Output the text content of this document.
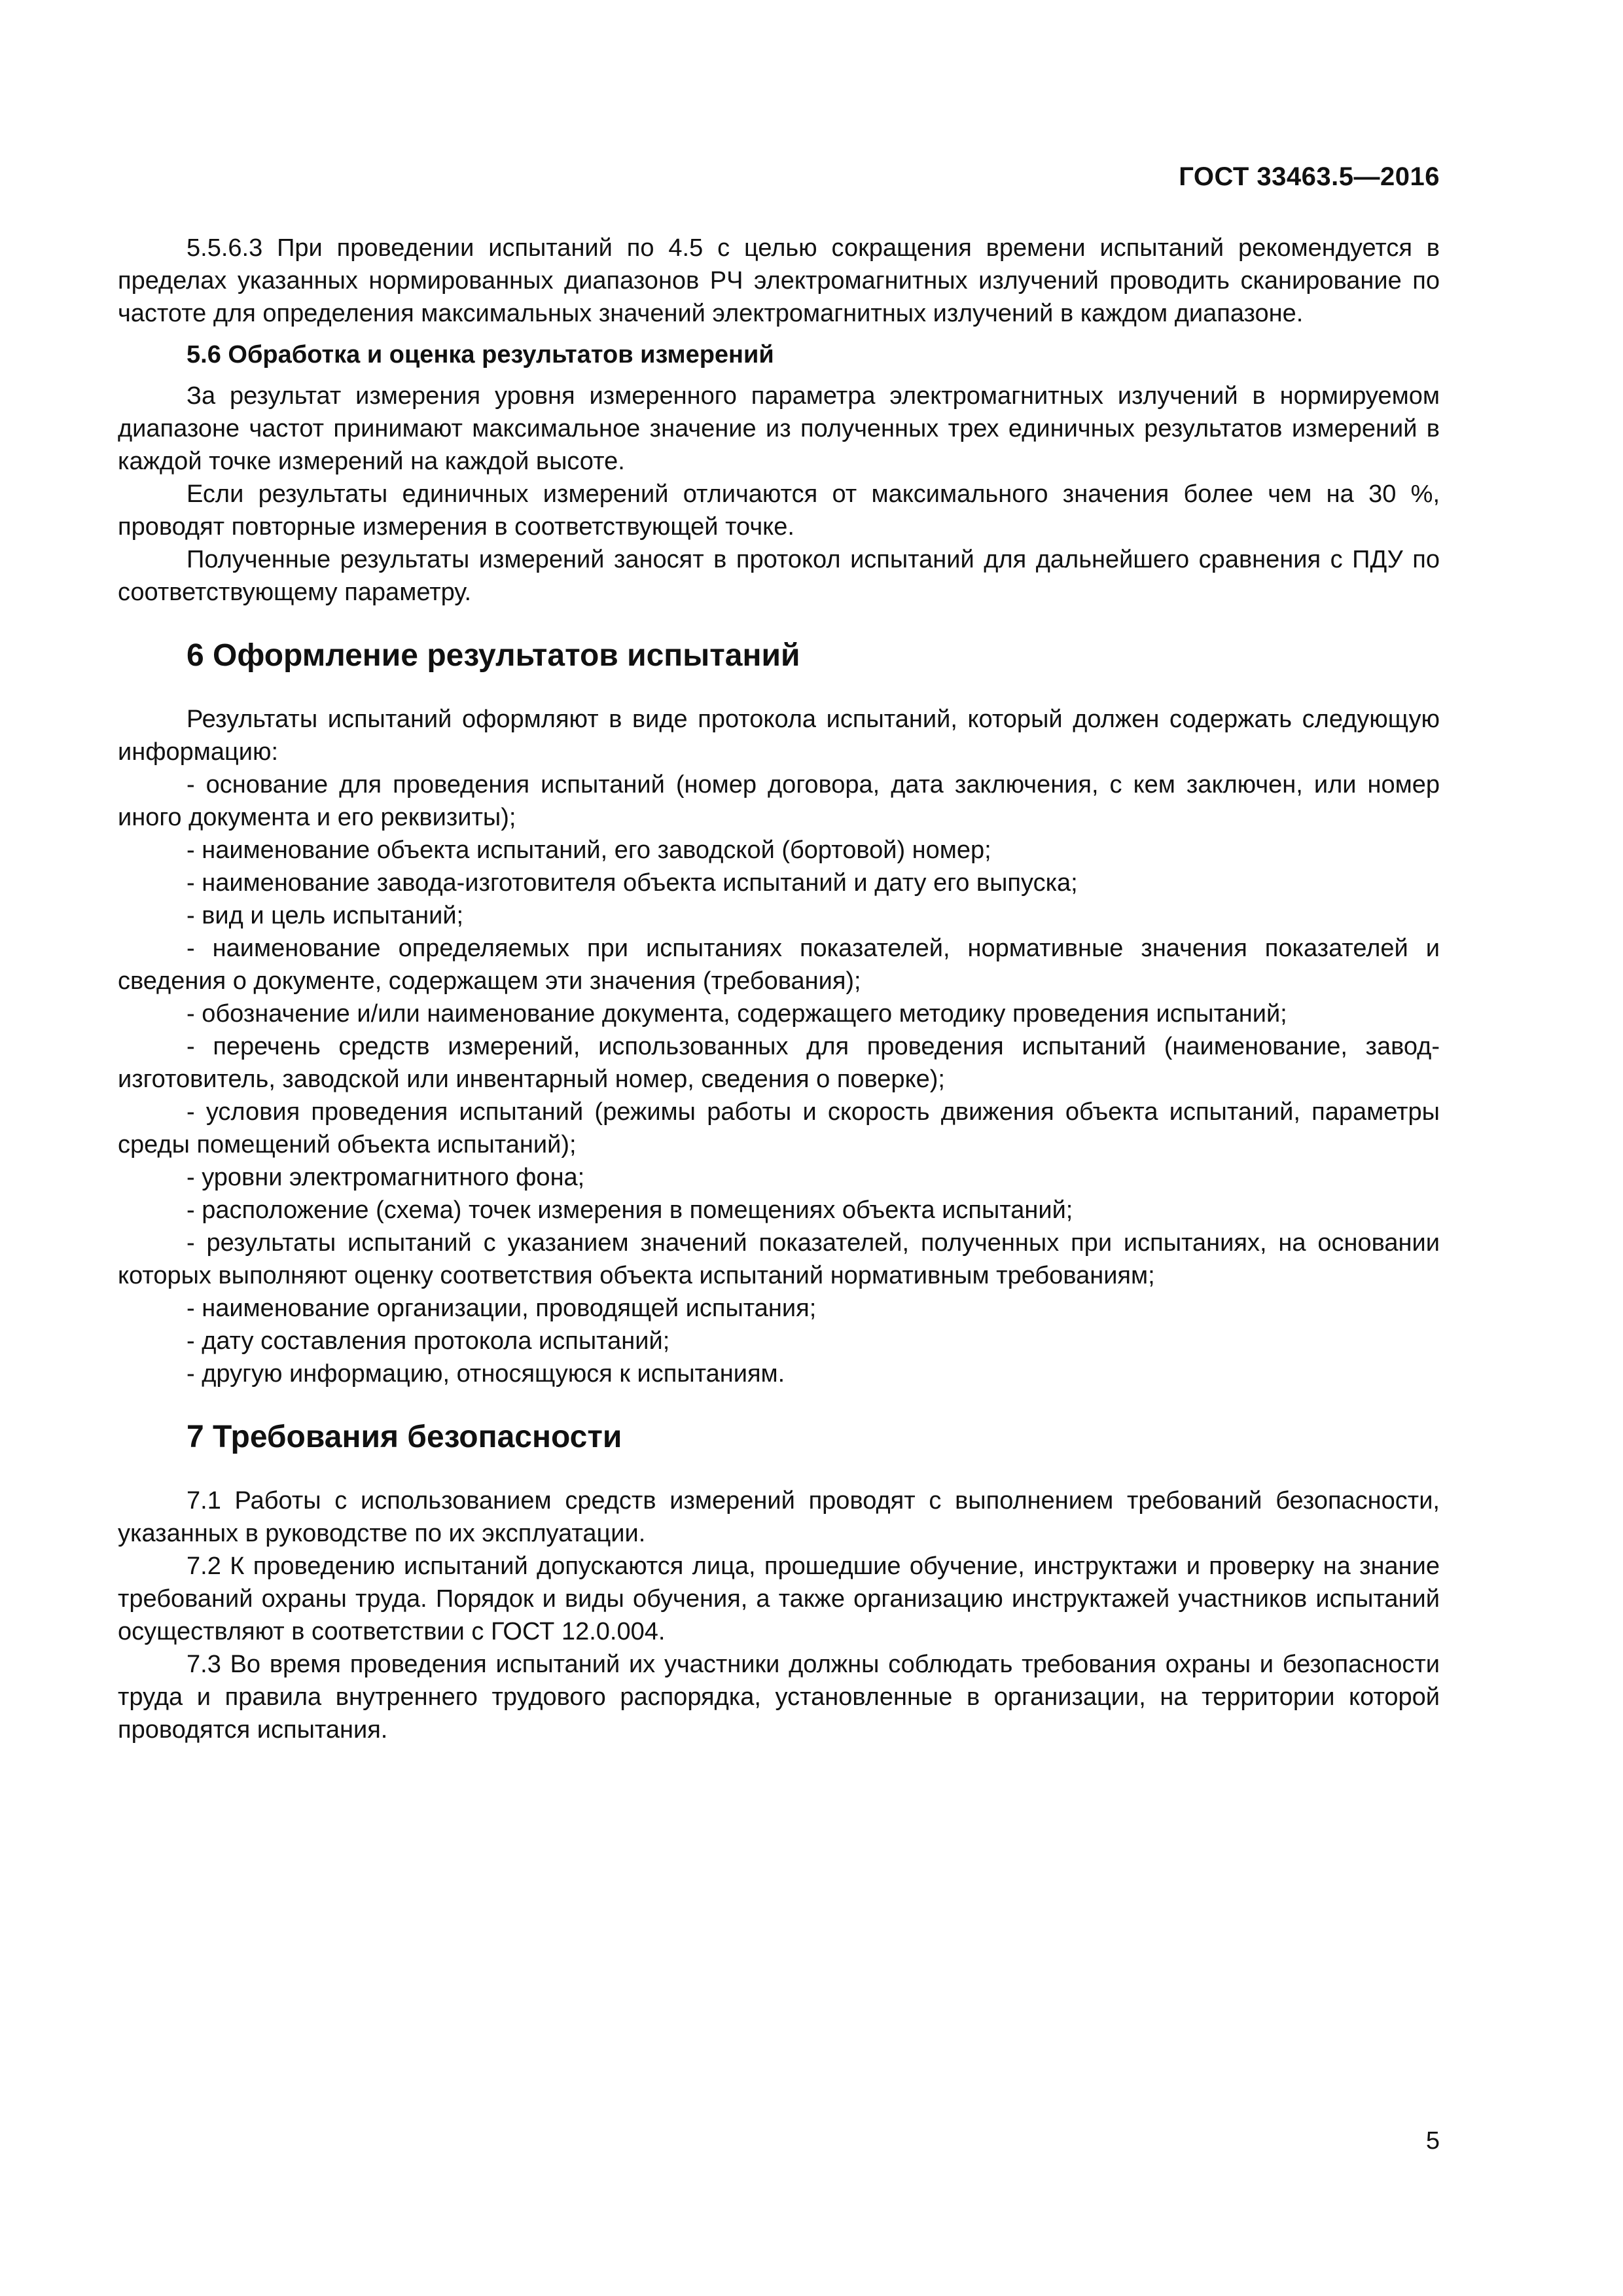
ГОСТ 33463.5—2016

5.5.6.3 При проведении испытаний по 4.5 с целью сокращения времени испытаний рекомендуется в пределах указанных нормированных диапазонов РЧ электромагнитных излучений проводить сканирование по частоте для определения максимальных значений электромагнитных излучений в каждом диапазоне.

5.6 Обработка и оценка результатов измерений

За результат измерения уровня измеренного параметра электромагнитных излучений в нормируемом диапазоне частот принимают максимальное значение из полученных трех единичных результатов измерений в каждой точке измерений на каждой высоте.

Если результаты единичных измерений отличаются от максимального значения более чем на 30 %, проводят повторные измерения в соответствующей точке.

Полученные результаты измерений заносят в протокол испытаний для дальнейшего сравнения с ПДУ по соответствующему параметру.

6 Оформление результатов испытаний

Результаты испытаний оформляют в виде протокола испытаний, который должен содержать следующую информацию:

- основание для проведения испытаний (номер договора, дата заключения, с кем заключен, или номер иного документа и его реквизиты);

- наименование объекта испытаний, его заводской (бортовой) номер;

- наименование завода-изготовителя объекта испытаний и дату его выпуска;

- вид и цель испытаний;

- наименование определяемых при испытаниях показателей, нормативные значения показателей и сведения о документе, содержащем эти значения (требования);

- обозначение и/или наименование документа, содержащего методику проведения испытаний;

- перечень средств измерений, использованных для проведения испытаний (наименование, завод-изготовитель, заводской или инвентарный номер, сведения о поверке);

- условия проведения испытаний (режимы работы и скорость движения объекта испытаний, параметры среды помещений объекта испытаний);

- уровни электромагнитного фона;

- расположение (схема) точек измерения в помещениях объекта испытаний;

- результаты испытаний с указанием значений показателей, полученных при испытаниях, на основании которых выполняют оценку соответствия объекта испытаний нормативным требованиям;

- наименование организации, проводящей испытания;

- дату составления протокола испытаний;

- другую информацию, относящуюся к испытаниям.

7 Требования безопасности

7.1 Работы с использованием средств измерений проводят с выполнением требований безопасности, указанных в руководстве по их эксплуатации.

7.2 К проведению испытаний допускаются лица, прошедшие обучение, инструктажи и проверку на знание требований охраны труда. Порядок и виды обучения, а также организацию инструктажей участников испытаний осуществляют в соответствии с ГОСТ 12.0.004.

7.3 Во время проведения испытаний их участники должны соблюдать требования охраны и безопасности труда и правила внутреннего трудового распорядка, установленные в организации, на территории которой проводятся испытания.

5
